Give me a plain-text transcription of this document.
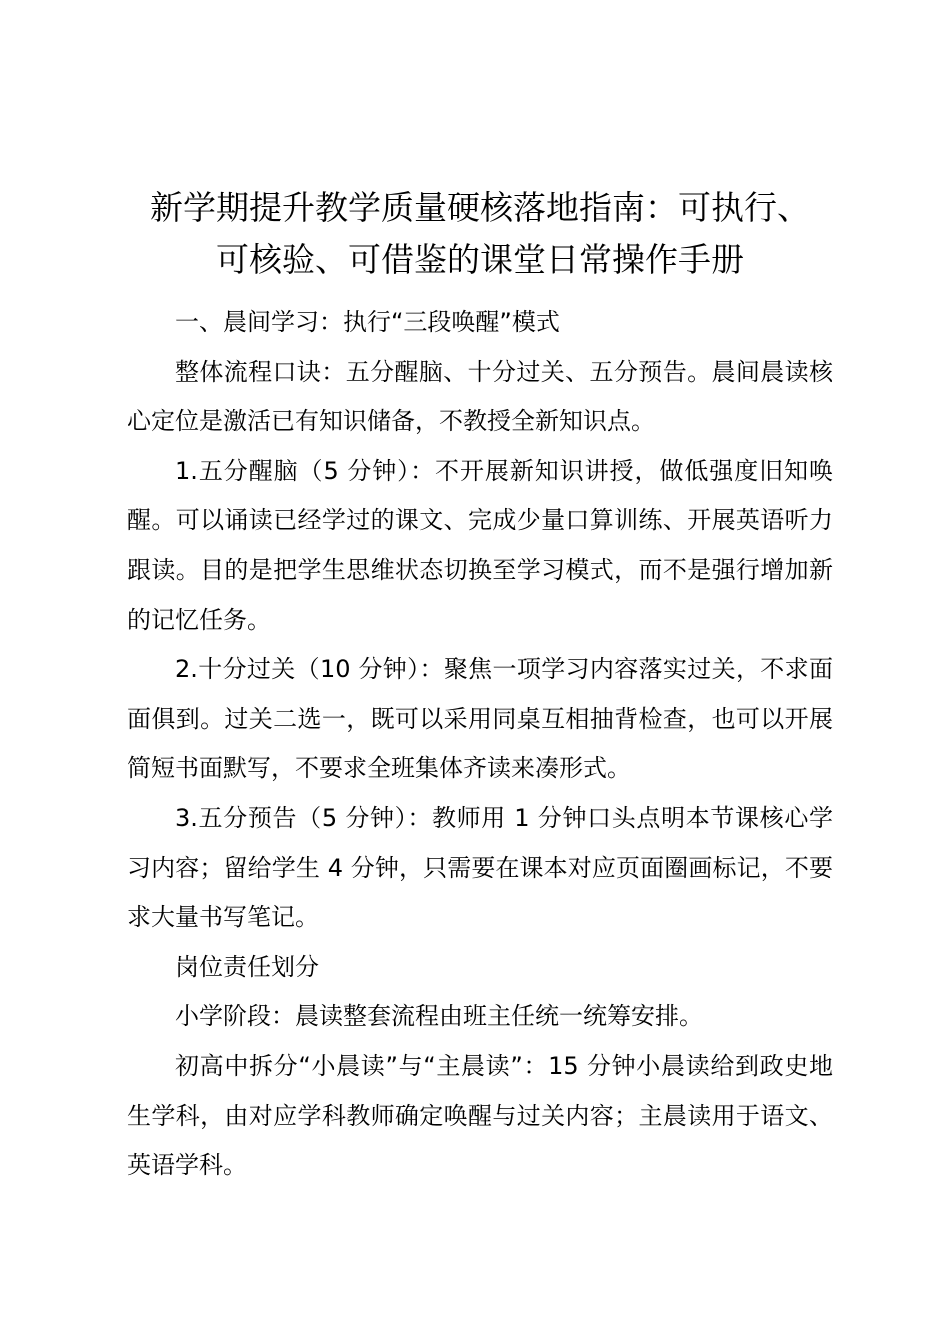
新学期提升教学质量硬核落地指南：可执行、
可核验、可借鉴的课堂日常操作手册

一、晨间学习：执行“三段唤醒”模式

整体流程口诀：五分醒脑、十分过关、五分预告。晨间晨读核心定位是激活已有知识储备，不教授全新知识点。

1.五分醒脑（5 分钟）：不开展新知识讲授，做低强度旧知唤醒。可以诵读已经学过的课文、完成少量口算训练、开展英语听力跟读。目的是把学生思维状态切换至学习模式，而不是强行增加新的记忆任务。

2.十分过关（10 分钟）：聚焦一项学习内容落实过关，不求面面俱到。过关二选一，既可以采用同桌互相抽背检查，也可以开展简短书面默写，不要求全班集体齐读来凑形式。

3.五分预告（5 分钟）：教师用 1 分钟口头点明本节课核心学习内容；留给学生 4 分钟，只需要在课本对应页面圈画标记，不要求大量书写笔记。

岗位责任划分

小学阶段：晨读整套流程由班主任统一统筹安排。

初高中拆分“小晨读”与“主晨读”：15 分钟小晨读给到政史地生学科，由对应学科教师确定唤醒与过关内容；主晨读用于语文、英语学科。
